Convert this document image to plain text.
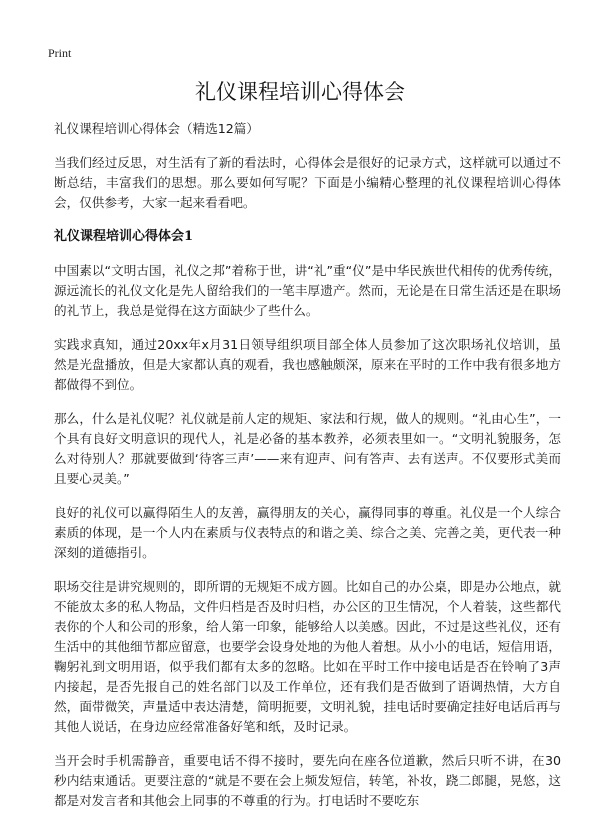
Print
礼仪课程培训心得体会

礼仪课程培训心得体会（精选12篇）

当我们经过反思，对生活有了新的看法时，心得体会是很好的记录方式，这样就可以通过不断总结，丰富我们的思想。那么要如何写呢？下面是小编精心整理的礼仪课程培训心得体会，仅供参考，大家一起来看看吧。

礼仪课程培训心得体会1

中国素以“文明古国，礼仪之邦”着称于世，讲“礼”重“仪”是中华民族世代相传的优秀传统，源远流长的礼仪文化是先人留给我们的一笔丰厚遗产。然而，无论是在日常生活还是在职场的礼节上，我总是觉得在这方面缺少了些什么。

实践求真知，通过20xx年x月31日领导组织项目部全体人员参加了这次职场礼仪培训，虽然是光盘播放，但是大家都认真的观看，我也感触颇深，原来在平时的工作中我有很多地方都做得不到位。

那么，什么是礼仪呢？礼仪就是前人定的规矩、家法和行规，做人的规则。“礼由心生”，一个具有良好文明意识的现代人，礼是必备的基本教养，必须表里如一。“文明礼貌服务，怎么对待别人？那就要做到‘待客三声’——来有迎声、问有答声、去有送声。不仅要形式美而且要心灵美。”

良好的礼仪可以赢得陌生人的友善，赢得朋友的关心，赢得同事的尊重。礼仪是一个人综合素质的体现，是一个人内在素质与仪表特点的和谐之美、综合之美、完善之美，更代表一种深刻的道德指引。

职场交往是讲究规则的，即所谓的无规矩不成方圆。比如自己的办公桌，即是办公地点，就不能放太多的私人物品，文件归档是否及时归档，办公区的卫生情况，个人着装，这些都代表你的个人和公司的形象，给人第一印象，能够给人以美感。因此，不过是这些礼仪，还有生活中的其他细节都应留意，也要学会设身处地的为他人着想。从小小的电话，短信用语，鞠躬礼到文明用语，似乎我们都有太多的忽略。比如在平时工作中接电话是否在铃响了3声内接起，是否先报自己的姓名部门以及工作单位，还有我们是否做到了语调热情，大方自然，面带微笑，声量适中表达清楚，简明扼要，文明礼貌，挂电话时要确定挂好电话后再与其他人说话，在身边应经常准备好笔和纸，及时记录。

当开会时手机需静音，重要电话不得不接时，要先向在座各位道歉，然后只听不讲，在30秒内结束通话。更要注意的“就是不要在会上频发短信，转笔，补妆，跷二郎腿，晃悠，这都是对发言者和其他会上同事的不尊重的行为。打电话时不要吃东
